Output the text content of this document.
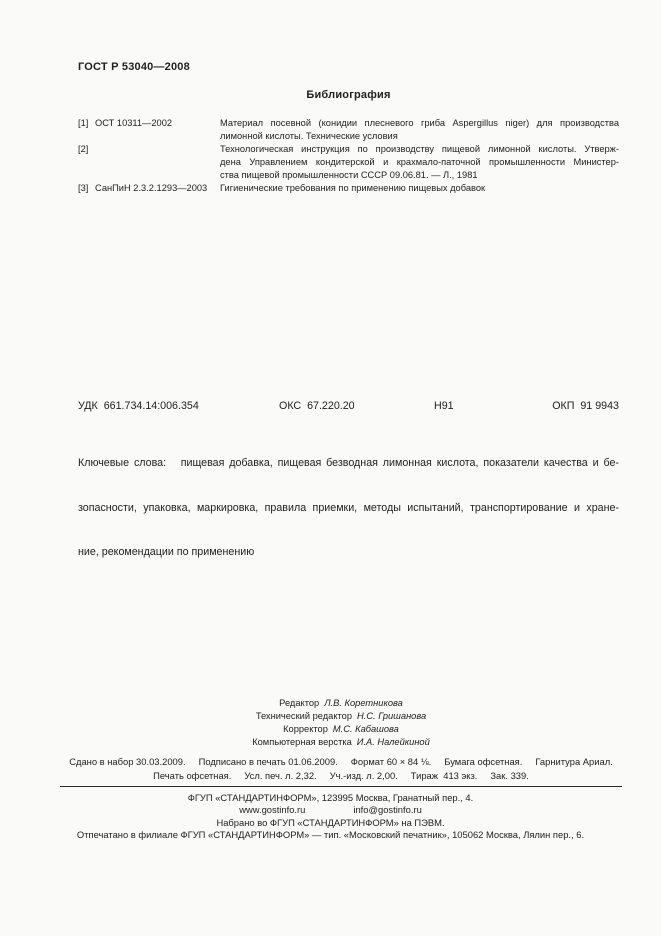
ГОСТ Р 53040—2008
Библиография
[1] ОСТ 10311—2002	Материал посевной (конидии плесневого гриба Aspergillus niger) для производства
лимонной кислоты. Технические условия
[2]	Технологическая инструкция по производству пищевой лимонной кислоты. Утверж-
дена Управлением кондитерской и крахмало-паточной промышленности Министер-
ства пищевой промышленности СССР 09.06.81. — Л., 1981
[3] СанПиН 2.3.2.1293—2003	Гигиенические требования по применению пищевых добавок
УДК  661.734.14:006.354	ОКС  67.220.20	Н91	ОКП  91 9943

Ключевые слова:   пищевая добавка, пищевая безводная лимонная кислота, показатели качества и бе-

зопасности, упаковка, маркировка, правила приемки, методы испытаний, транспортирование и хране-

ние, рекомендации по применению

Редактор Л.В. Коретникова
Технический редактор Н.С. Гришанова
Корректор М.С. Кабашова
Компьютерная верстка И.А. Налейкиной
Сдано в набор 30.03.2009. Подписано в печать 01.06.2009. Формат 60 × 84 ⅛. Бумага офсетная. Гарнитура Ариал.
Печать офсетная. Усл. печ. л. 2,32. Уч.-изд. л. 2,00. Тираж  413 экз. Зак. 339.
ФГУП «СТАНДАРТИНФОРМ», 123995 Москва, Гранатный пер., 4.
www.gostinfo.ru	info@gostinfo.ru
Набрано во ФГУП «СТАНДАРТИНФОРМ» на ПЭВМ.
Отпечатано в филиале ФГУП «СТАНДАРТИНФОРМ» — тип. «Московский печатник», 105062 Москва, Лялин пер., 6.
